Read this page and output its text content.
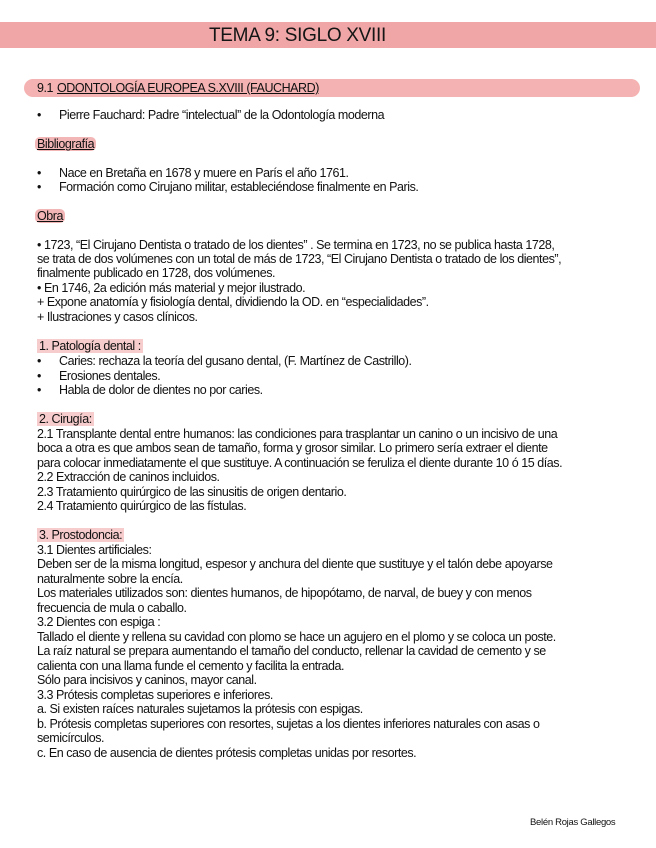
TEMA 9: SIGLO XVIII
9.1 ODONTOLOGÍA EUROPEA S.XVIII (FAUCHARD)
• Pierre Fauchard: Padre “intelectual” de la Odontología moderna
Bibliografía
• Nace en Bretaña en 1678 y muere en París el año 1761.
• Formación como Cirujano militar, estableciéndose finalmente en Paris.
Obra
• 1723, “El Cirujano Dentista o tratado de los dientes” . Se termina en 1723, no se publica hasta 1728,
se trata de dos volúmenes con un total de más de 1723, “El Cirujano Dentista o tratado de los dientes”,
finalmente publicado en 1728, dos volúmenes.
• En 1746, 2a edición más material y mejor ilustrado.
+ Expone anatomía y fisiología dental, dividiendo la OD. en “especialidades”.
+ Ilustraciones y casos clínicos.
1. Patología dental :
• Caries: rechaza la teoría del gusano dental, (F. Martínez de Castrillo).
• Erosiones dentales.
• Habla de dolor de dientes no por caries.
2. Cirugía:
2.1 Transplante dental entre humanos: las condiciones para trasplantar un canino o un incisivo de una
boca a otra es que ambos sean de tamaño, forma y grosor similar. Lo primero sería extraer el diente
para colocar inmediatamente el que sustituye. A continuación se feruliza el diente durante 10 ó 15 días.
2.2 Extracción de caninos incluidos.
2.3 Tratamiento quirúrgico de las sinusitis de origen dentario.
2.4 Tratamiento quirúrgico de las fístulas.
3. Prostodoncia:
3.1 Dientes artificiales:
Deben ser de la misma longitud, espesor y anchura del diente que sustituye y el talón debe apoyarse
naturalmente sobre la encía.
Los materiales utilizados son: dientes humanos, de hipopótamo, de narval, de buey y con menos
frecuencia de mula o caballo.
3.2 Dientes con espiga :
Tallado el diente y rellena su cavidad con plomo se hace un agujero en el plomo y se coloca un poste.
La raíz natural se prepara aumentando el tamaño del conducto, rellenar la cavidad de cemento y se
calienta con una llama funde el cemento y facilita la entrada.
Sólo para incisivos y caninos, mayor canal.
3.3 Prótesis completas superiores e inferiores.
a. Si existen raíces naturales sujetamos la prótesis con espigas.
b. Prótesis completas superiores con resortes, sujetas a los dientes inferiores naturales con asas o
semicírculos.
c. En caso de ausencia de dientes prótesis completas unidas por resortes.
Belén Rojas Gallegos
